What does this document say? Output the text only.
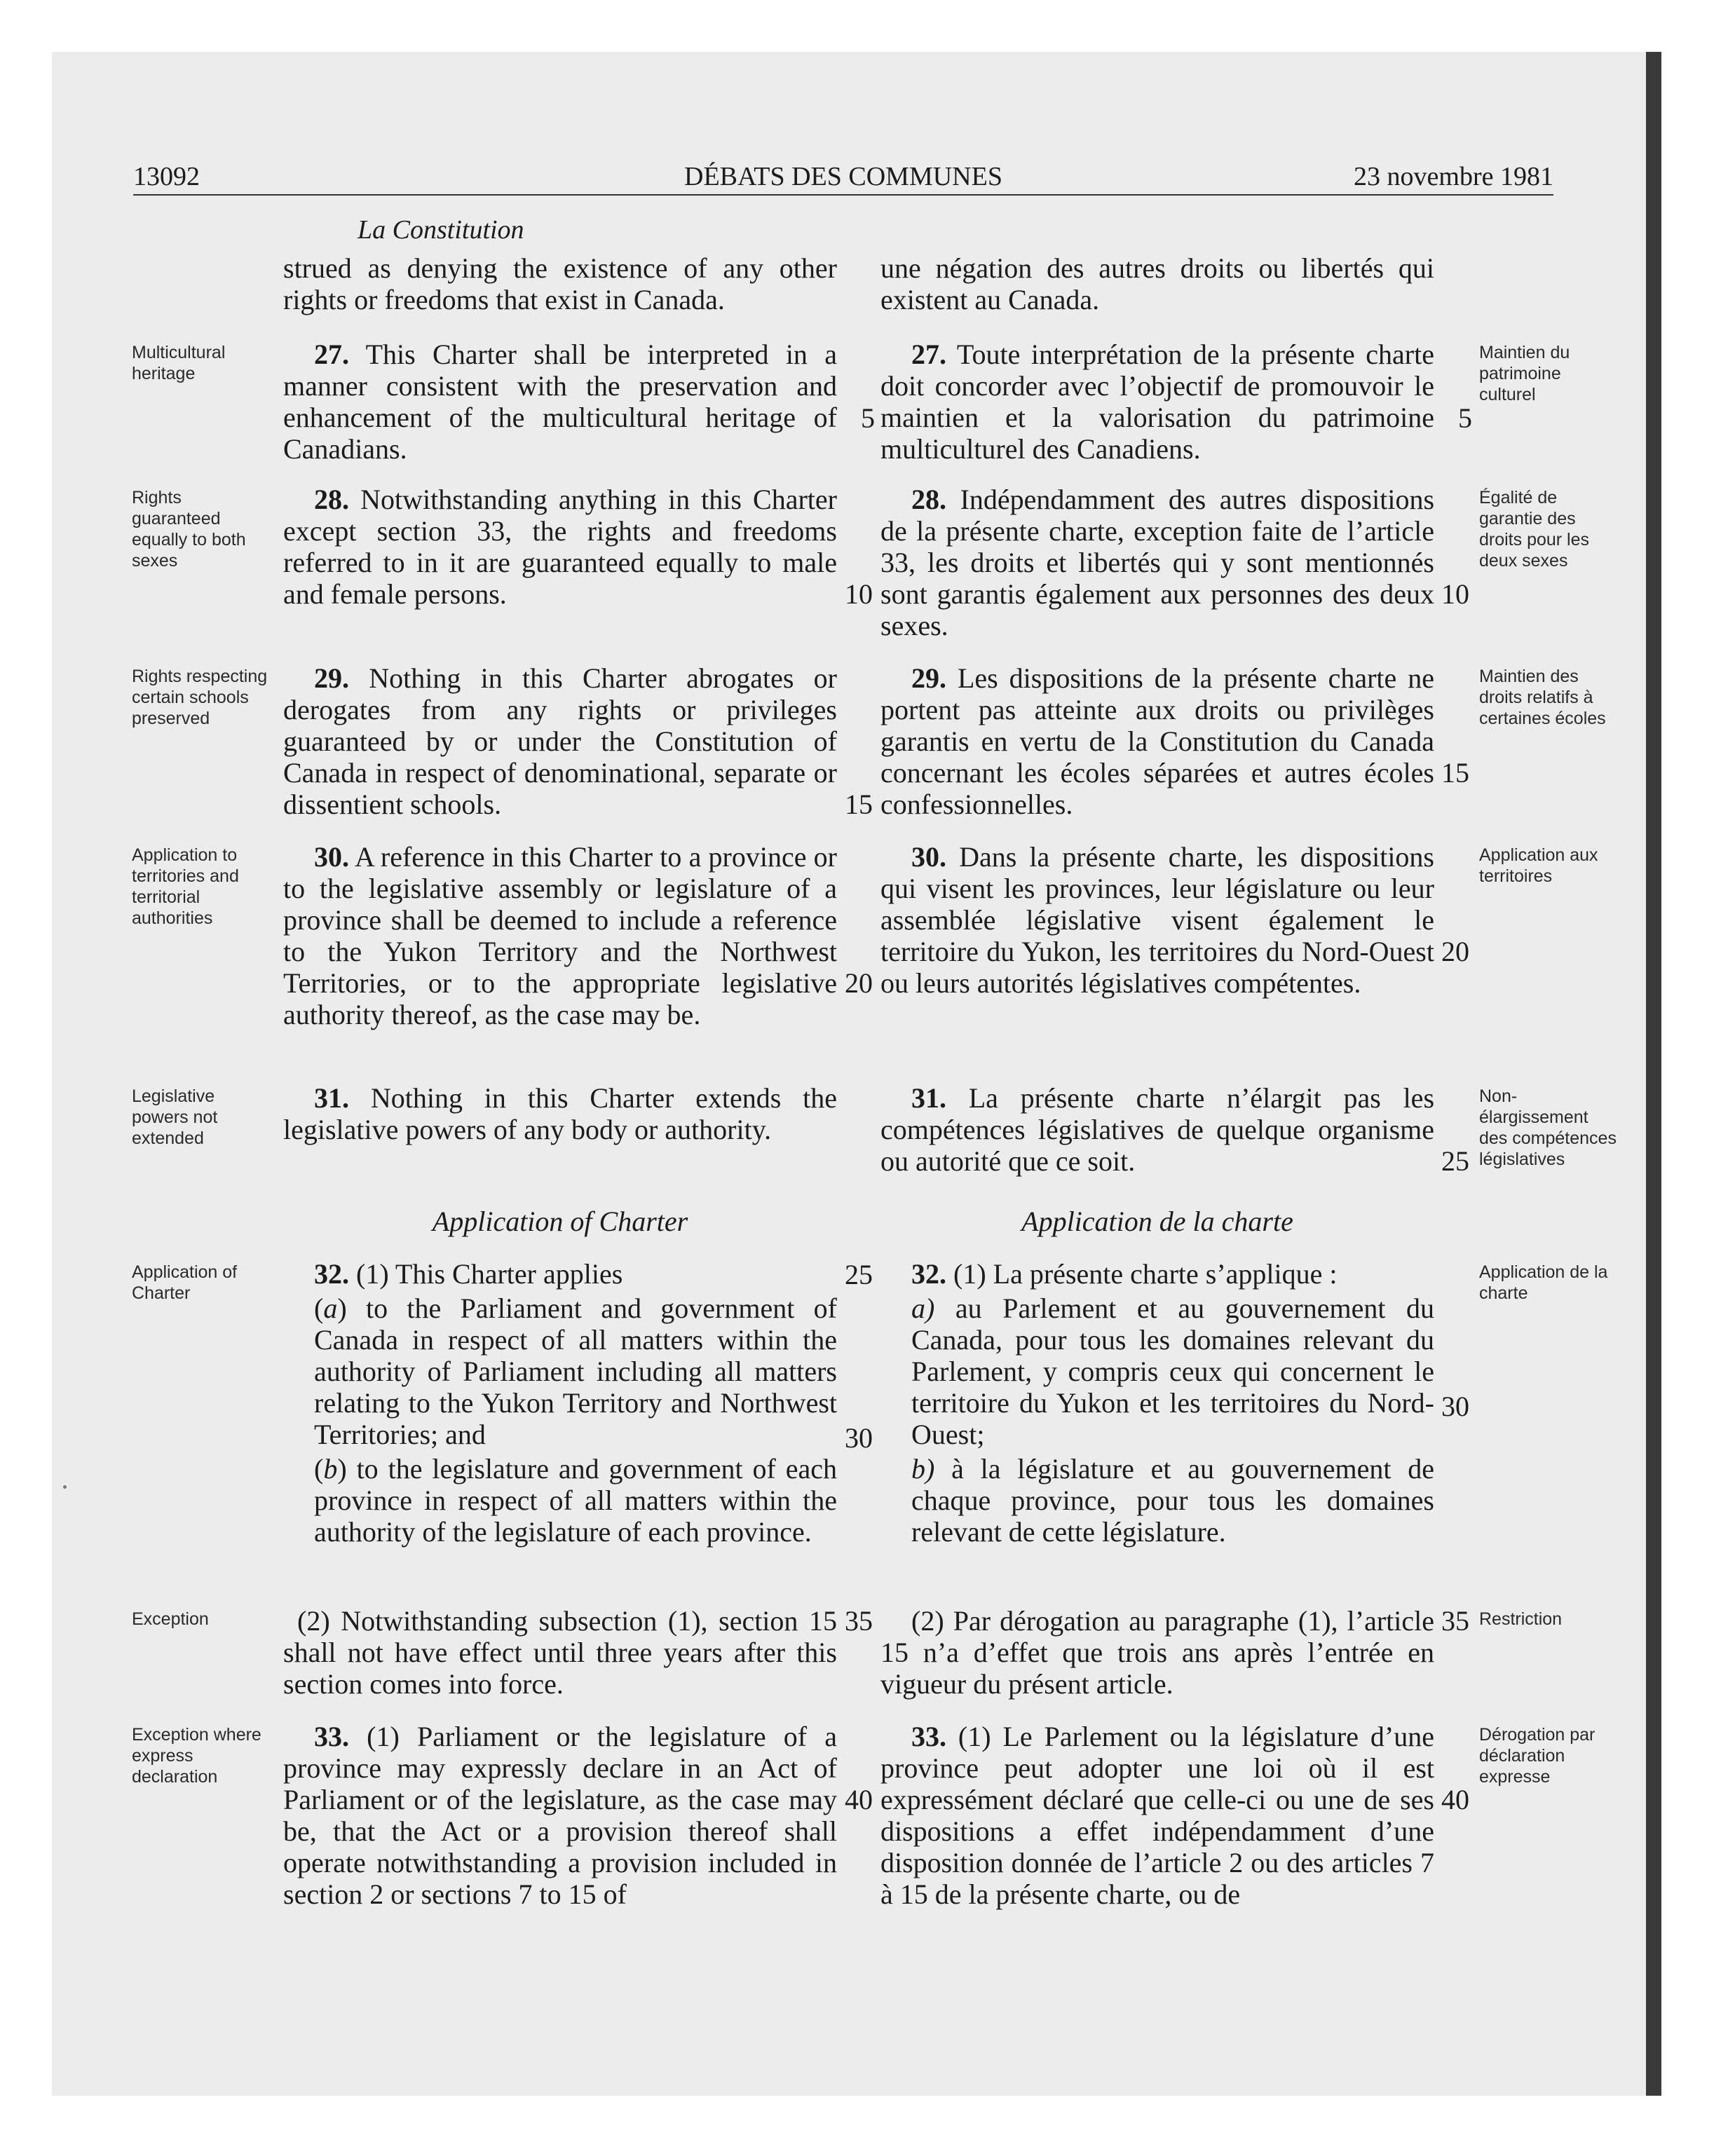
13092	DÉBATS DES COMMUNES	23 novembre 1981
La Constitution

strued as denying the existence of any other rights or freedoms that exist in Canada.

27. This Charter shall be interpreted in a manner consistent with the preservation and enhancement of the multicultural heritage of Canadians.

28. Notwithstanding anything in this Charter except section 33, the rights and freedoms referred to in it are guaranteed equally to male and female persons.

29. Nothing in this Charter abrogates or derogates from any rights or privileges guaranteed by or under the Constitution of Canada in respect of denominational, separate or dissentient schools.

30. A reference in this Charter to a province or to the legislative assembly or legislature of a province shall be deemed to include a reference to the Yukon Territory and the Northwest Territories, or to the appropriate legislative authority thereof, as the case may be.

31. Nothing in this Charter extends the legislative powers of any body or authority.

Application of Charter

32. (1) This Charter applies

(a) to the Parliament and government of Canada in respect of all matters within the authority of Parliament including all matters relating to the Yukon Territory and Northwest Territories; and

(b) to the legislature and government of each province in respect of all matters within the authority of the legislature of each province.

(2) Notwithstanding subsection (1), section 15 shall not have effect until three years after this section comes into force.

33. (1) Parliament or the legislature of a province may expressly declare in an Act of Parliament or of the legislature, as the case may be, that the Act or a provision thereof shall operate notwithstanding a provision included in section 2 or sections 7 to 15 of

une négation des autres droits ou libertés qui existent au Canada.

27. Toute interprétation de la présente charte doit concorder avec l’objectif de promouvoir le maintien et la valorisation du patrimoine multiculturel des Canadiens.

28. Indépendamment des autres dispositions de la présente charte, exception faite de l’article 33, les droits et libertés qui y sont mentionnés sont garantis également aux personnes des deux sexes.

29. Les dispositions de la présente charte ne portent pas atteinte aux droits ou privilèges garantis en vertu de la Constitution du Canada concernant les écoles séparées et autres écoles confessionnelles.

30. Dans la présente charte, les dispositions qui visent les provinces, leur législature ou leur assemblée législative visent également le territoire du Yukon, les territoires du Nord-Ouest ou leurs autorités législatives compétentes.

31. La présente charte n’élargit pas les compétences législatives de quelque organisme ou autorité que ce soit.

Application de la charte

32. (1) La présente charte s’applique :

a) au Parlement et au gouvernement du Canada, pour tous les domaines relevant du Parlement, y compris ceux qui concernent le territoire du Yukon et les territoires du Nord-Ouest;

b) à la législature et au gouvernement de chaque province, pour tous les domaines relevant de cette législature.

(2) Par dérogation au paragraphe (1), l’article 15 n’a d’effet que trois ans après l’entrée en vigueur du présent article.

33. (1) Le Parlement ou la législature d’une province peut adopter une loi où il est expressément déclaré que celle-ci ou une de ses dispositions a effet indépendamment d’une disposition donnée de l’article 2 ou des articles 7 à 15 de la présente charte, ou de

Multicultural heritage
Rights guaranteed equally to both sexes
Rights respecting certain schools preserved
Application to territories and territorial authorities
Legislative powers not extended
Application of Charter
Exception
Exception where express declaration
Maintien du patrimoine culturel
Égalité de garantie des droits pour les deux sexes
Maintien des droits relatifs à certaines écoles
Application aux territoires
Non-élargissement des compétences législatives
Application de la charte
Restriction
Dérogation par déclaration expresse
5
10
15
20
25
30
35
40
5
10
15
20
25
30
35
40
